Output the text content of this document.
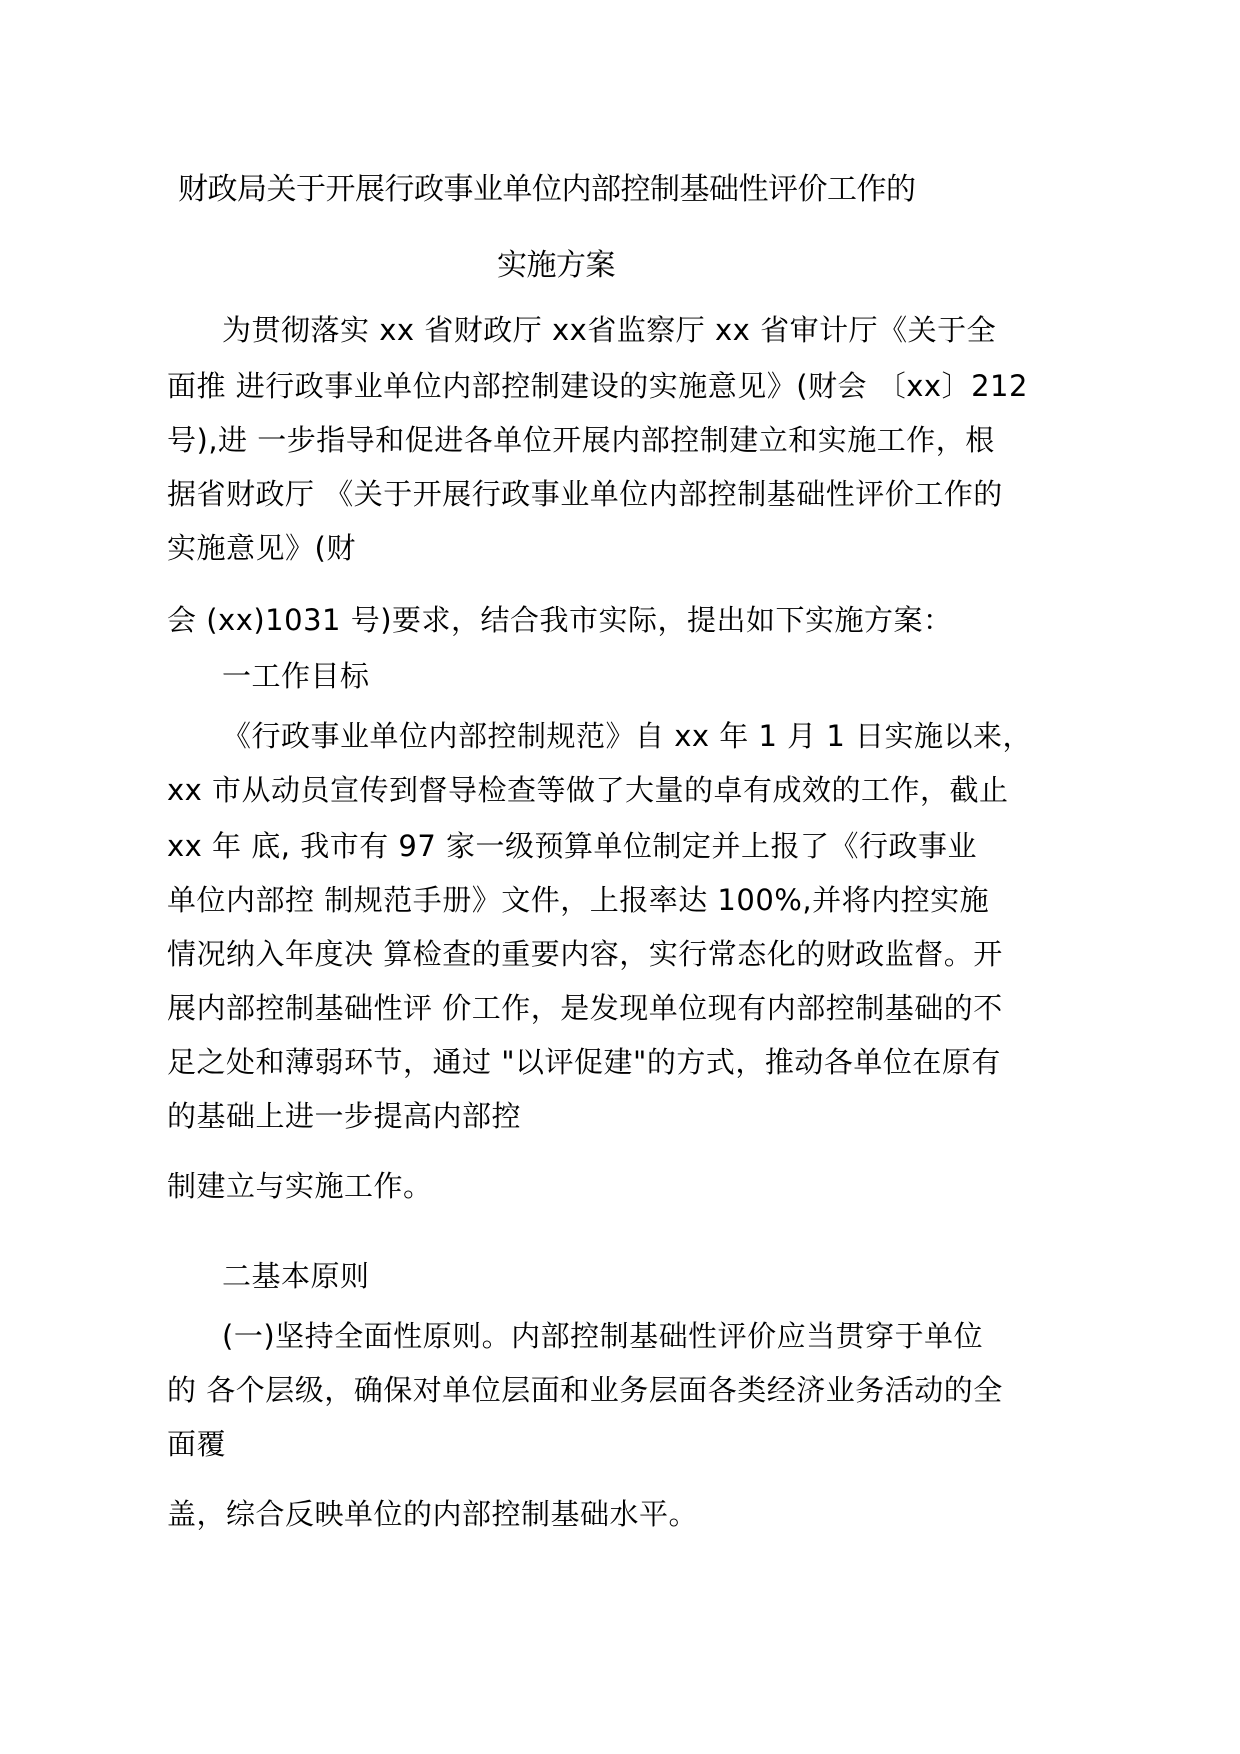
财政局关于开展行政事业单位内部控制基础性评价工作的
实施方案
为贯彻落实 xx 省财政厅 xx省监察厅 xx 省审计厅《关于全
面推 进行政事业单位内部控制建设的实施意见》(财会 〔xx〕212
号),进 一步指导和促进各单位开展内部控制建立和实施工作，根
据省财政厅 《关于开展行政事业单位内部控制基础性评价工作的
实施意见》(财
会 (xx)1031 号)要求，结合我市实际，提出如下实施方案：
一工作目标
《行政事业单位内部控制规范》自 xx 年 1 月 1 日实施以来，
xx 市从动员宣传到督导检查等做了大量的卓有成效的工作，截止
xx 年 底, 我市有 97 家一级预算单位制定并上报了《行政事业
单位内部控 制规范手册》文件，上报率达 100%,并将内控实施
情况纳入年度决 算检查的重要内容，实行常态化的财政监督。开
展内部控制基础性评 价工作，是发现单位现有内部控制基础的不
足之处和薄弱环节，通过 "以评促建"的方式，推动各单位在原有
的基础上进一步提高内部控
制建立与实施工作。
二基本原则
(一)坚持全面性原则。内部控制基础性评价应当贯穿于单位
的 各个层级，确保对单位层面和业务层面各类经济业务活动的全
面覆
盖，综合反映单位的内部控制基础水平。
